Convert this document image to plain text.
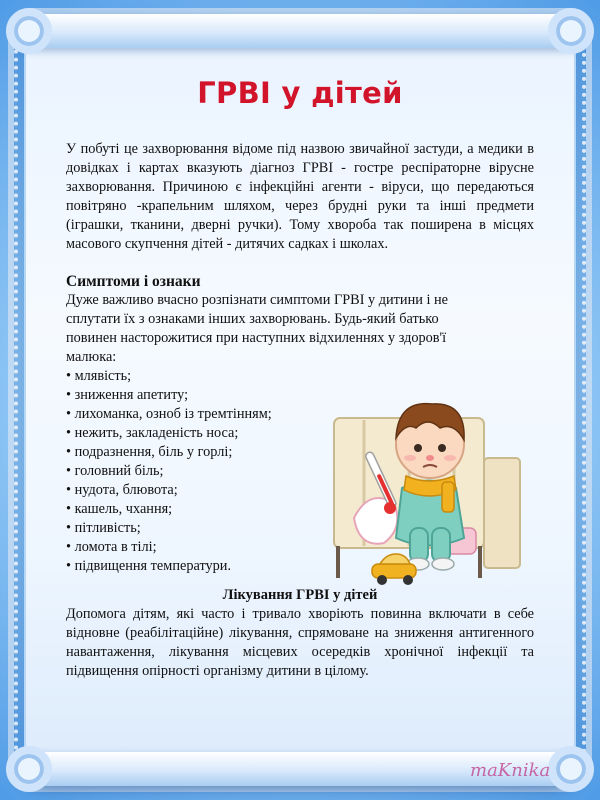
ГРВІ у дітей

У побуті це захворювання відоме під назвою звичайної застуди, а медики в довідках і картах вказують діагноз ГРВІ - гостре респіраторне вірусне захворювання. Причиною є інфекційні агенти - віруси, що передаються повітряно -крапельним шляхом, через брудні руки та інші предмети (іграшки, тканини, дверні ручки). Тому хвороба так поширена в місцях масового скупчення дітей - дитячих садках і школах.

Симптоми і ознаки

Дуже важливо вчасно розпізнати симптоми ГРВІ у дитини і не сплутати їх з ознаками інших захворювань. Будь-який батько повинен насторожитися при наступних відхиленнях у здоров'ї малюка:

• млявість;
• зниження апетиту;
• лихоманка, озноб із тремтінням;
• нежить, закладеність носа;
• подразнення, біль у горлі;
• головний біль;
• нудота, блювота;
• кашель, чхання;
• пітливість;
• ломота в тілі;
• підвищення температури.
Лікування ГРВІ у дітей

Допомога дітям, які часто і тривало хворіють повинна включати в себе відновне (реабілітаційне) лікування, спрямоване на зниження антигенного навантаження, лікування місцевих осередків хронічної інфекції та підвищення опірності організму дитини в цілому.

maKnika
